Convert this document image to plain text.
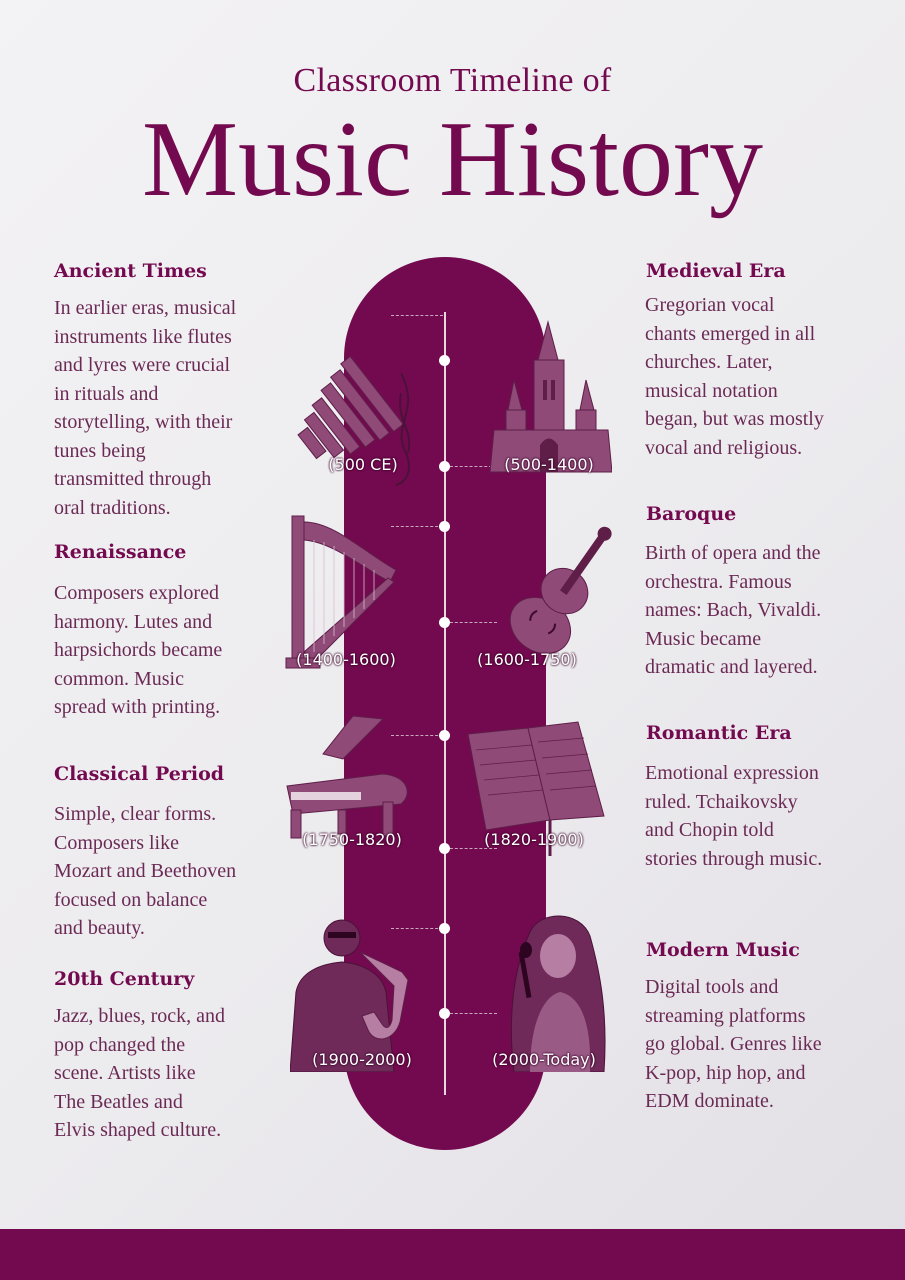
Classroom Timeline of
Music History
Ancient Times
In earlier eras, musical
instruments like flutes
and lyres were crucial
in rituals and
storytelling, with their
tunes being
transmitted through
oral traditions.
Renaissance
Composers explored
harmony. Lutes and
harpsichords became
common. Music
spread with printing.
Classical Period
Simple, clear forms.
Composers like
Mozart and Beethoven
focused on balance
and beauty.
20th Century
Jazz, blues, rock, and
pop changed the
scene. Artists like
The Beatles and
Elvis shaped culture.
Medieval Era
Gregorian vocal
chants emerged in all
churches. Later,
musical notation
began, but was mostly
vocal and religious.
Baroque
Birth of opera and the
orchestra. Famous
names: Bach, Vivaldi.
Music became
dramatic and layered.
Romantic Era
Emotional expression
ruled. Tchaikovsky
and Chopin told
stories through music.
Modern Music
Digital tools and
streaming platforms
go global. Genres like
K-pop, hip hop, and
EDM dominate.
(500 CE)	(500-1400)
(1400-1600)	(1600-1750)
(1750-1820)	(1820-1900)
(1900-2000)	(2000-Today)
